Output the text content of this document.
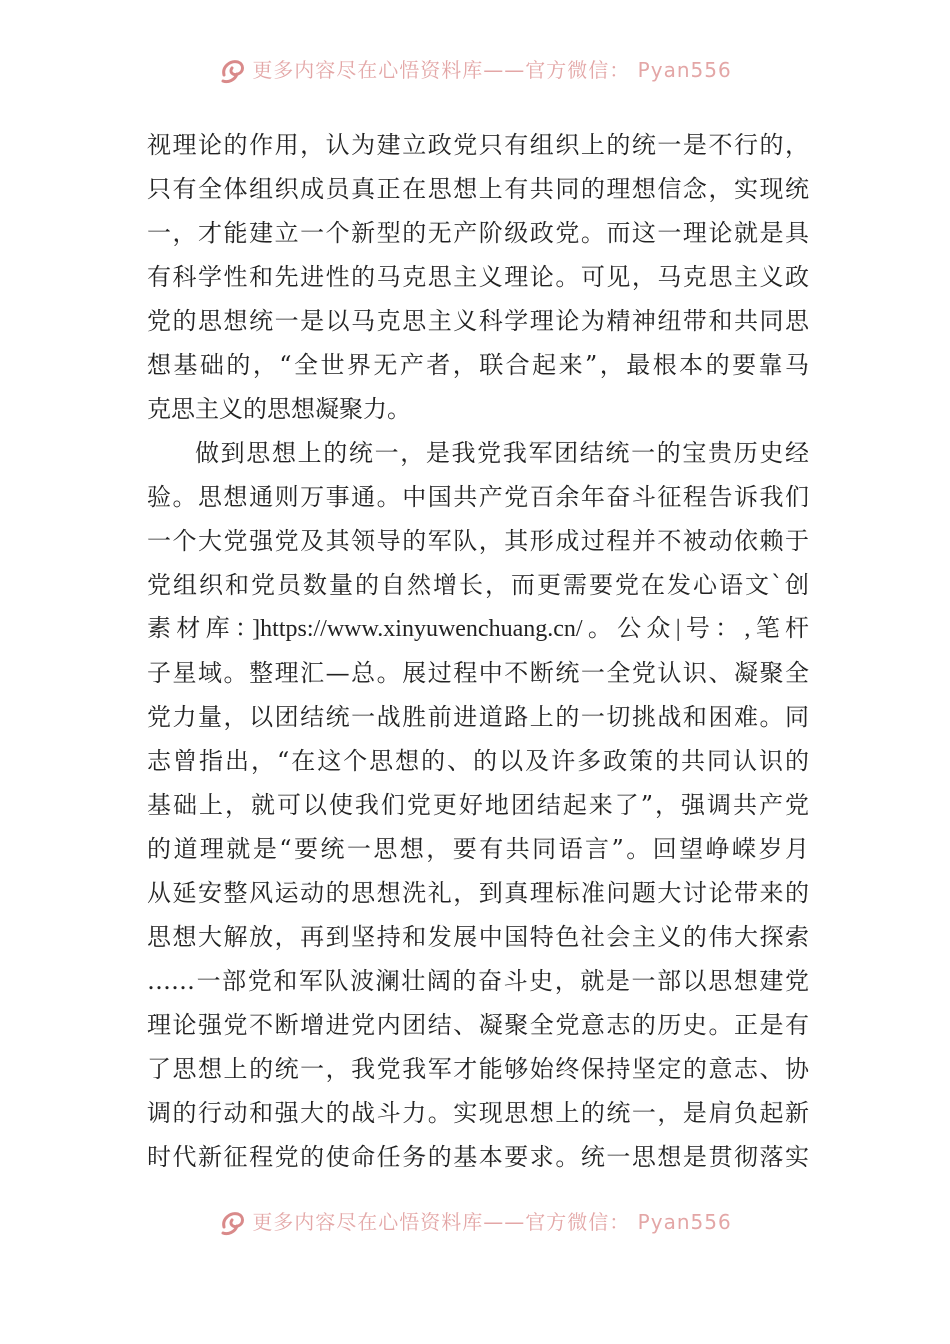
更多内容尽在心悟资料库——官方微信： Pyan556
视理论的作用，认为建立政党只有组织上的统一是不行的，
只有全体组织成员真正在思想上有共同的理想信念，实现统
一，才能建立一个新型的无产阶级政党。而这一理论就是具
有科学性和先进性的马克思主义理论。可见，马克思主义政
党的思想统一是以马克思主义科学理论为精神纽带和共同思
想基础的，“全世界无产者，联合起来”，最根本的要靠马
克思主义的思想凝聚力。
做到思想上的统一，是我党我军团结统一的宝贵历史经
验。思想通则万事通。中国共产党百余年奋斗征程告诉我们
一个大党强党及其领导的军队，其形成过程并不被动依赖于
党组织和党员数量的自然增长，而更需要党在发心语文`创
素材库：]https://www.xinyuwenchuang.cn/。公众|号：,笔杆
子星域。整理汇—总。展过程中不断统一全党认识、凝聚全
党力量，以团结统一战胜前进道路上的一切挑战和困难。同
志曾指出，“在这个思想的、的以及许多政策的共同认识的
基础上，就可以使我们党更好地团结起来了”，强调共产党
的道理就是“要统一思想，要有共同语言”。回望峥嵘岁月
从延安整风运动的思想洗礼，到真理标准问题大讨论带来的
思想大解放，再到坚持和发展中国特色社会主义的伟大探索
……一部党和军队波澜壮阔的奋斗史，就是一部以思想建党
理论强党不断增进党内团结、凝聚全党意志的历史。正是有
了思想上的统一，我党我军才能够始终保持坚定的意志、协
调的行动和强大的战斗力。实现思想上的统一，是肩负起新
时代新征程党的使命任务的基本要求。统一思想是贯彻落实
更多内容尽在心悟资料库——官方微信： Pyan556
